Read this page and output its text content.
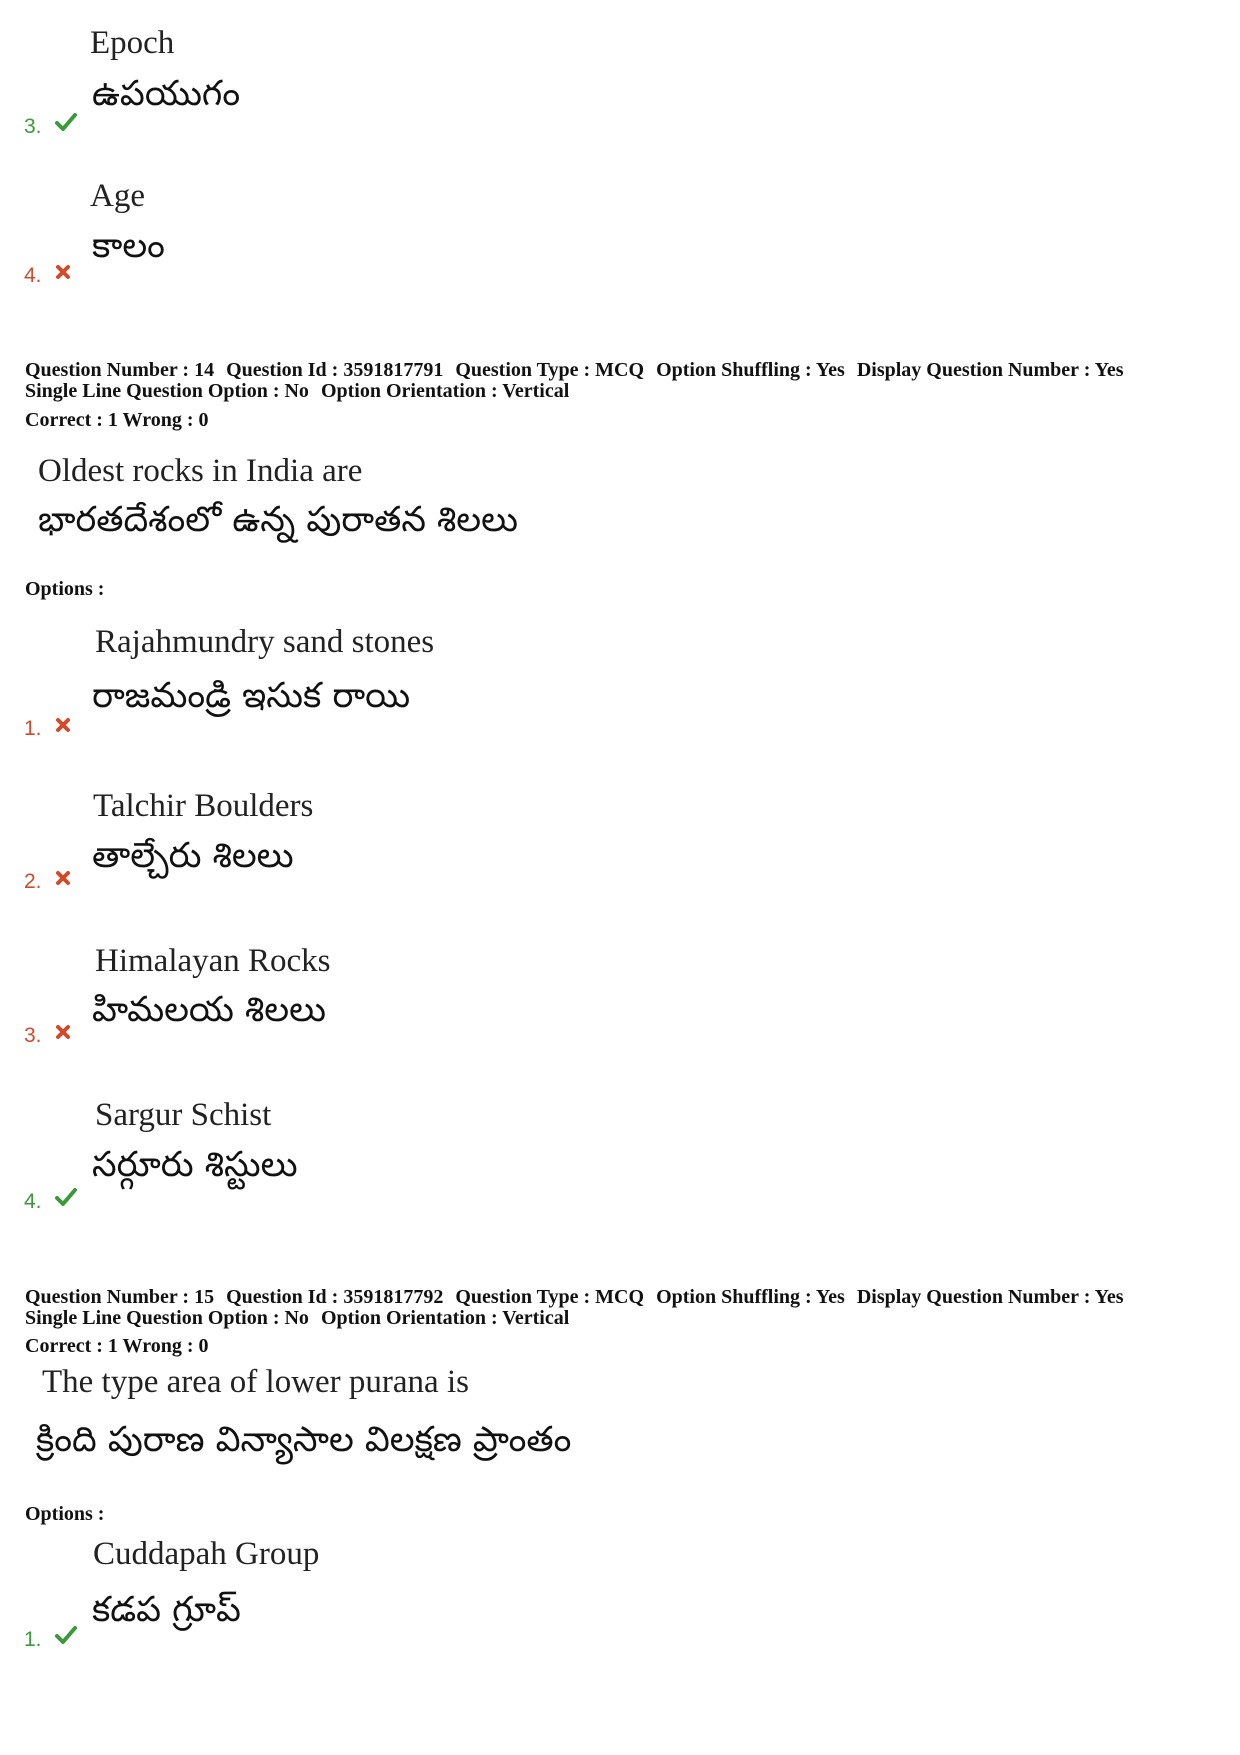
Epoch
ఉపయుగం
3.
Age
కాలం
4.
Question Number : 14 Question Id : 3591817791 Question Type : MCQ Option Shuffling : Yes Display Question Number : Yes
Single Line Question Option : No Option Orientation : Vertical
Correct : 1 Wrong : 0
Oldest rocks in India are
భారతదేశంలో ఉన్న పురాతన శిలలు
Options :
Rajahmundry sand stones
రాజమండ్రి ఇసుక రాయి
1.
Talchir Boulders
తాల్చేరు శిలలు
2.
Himalayan Rocks
హిమలయ శిలలు
3.
Sargur Schist
సర్గూరు శిస్టులు
4.
Question Number : 15 Question Id : 3591817792 Question Type : MCQ Option Shuffling : Yes Display Question Number : Yes
Single Line Question Option : No Option Orientation : Vertical
Correct : 1 Wrong : 0
The type area of lower purana is
క్రింది పురాణ విన్యాసాల విలక్షణ ప్రాంతం
Options :
Cuddapah Group
కడప గ్రూప్
1.
